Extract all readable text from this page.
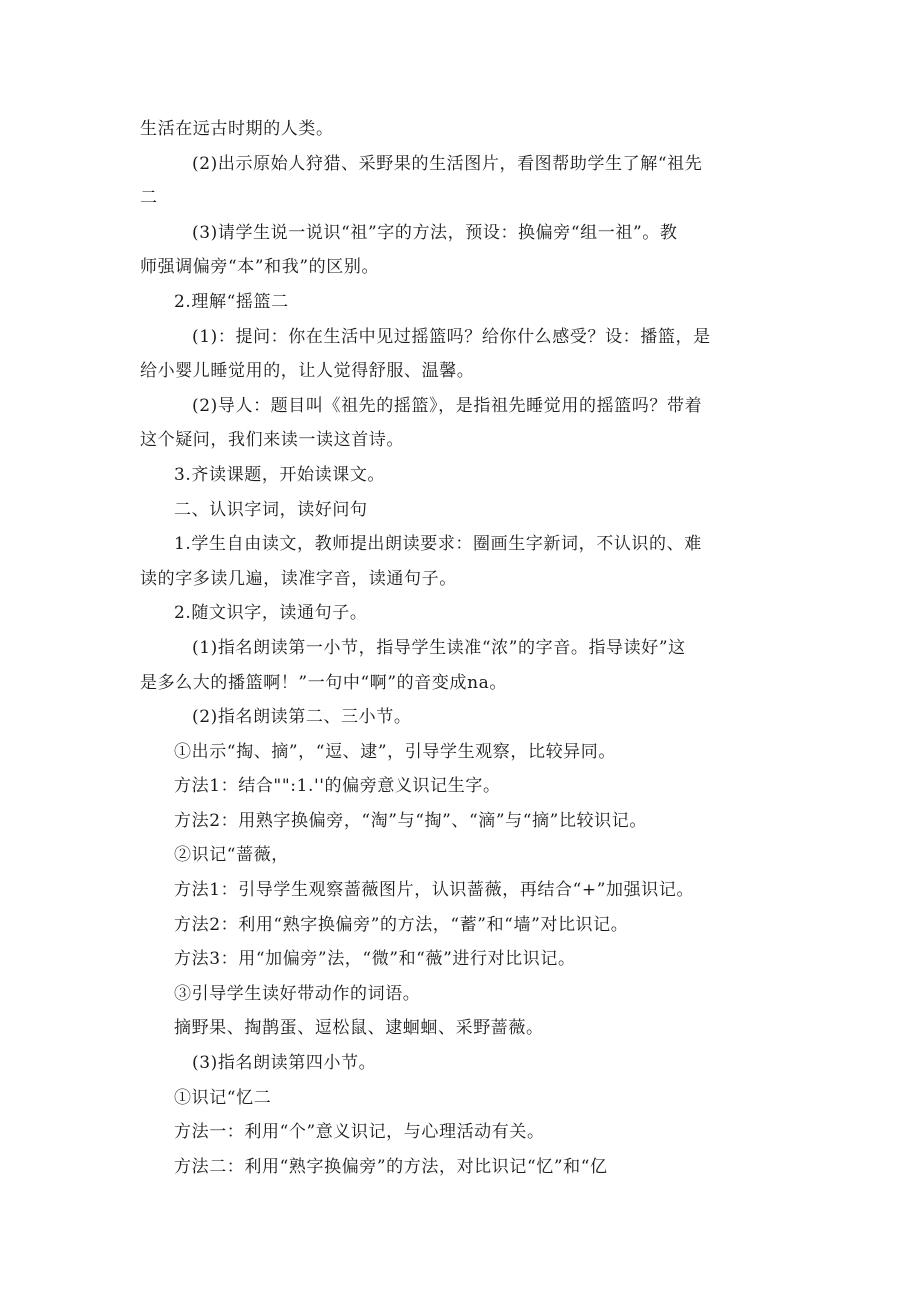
生活在远古时期的人类。
(2)出示原始人狩猎、采野果的生活图片，看图帮助学生了解“祖先
二
(3)请学生说一说识“祖”字的方法，预设：换偏旁“组一祖”。教
师强调偏旁“本”和我”的区别。
2.理解“摇篮二
(1)：提问：你在生活中见过摇篮吗？给你什么感受？设：播篮，是
给小婴儿睡觉用的，让人觉得舒服、温馨。
(2)导人：题目叫《祖先的摇篮》，是指祖先睡觉用的摇篮吗？带着
这个疑问，我们来读一读这首诗。
3.齐读课题，开始读课文。
二、认识字词，读好问句
1.学生自由读文，教师提出朗读要求：圈画生字新词，不认识的、难
读的字多读几遍，读准字音，读通句子。
2.随文识字，读通句子。
(1)指名朗读第一小节，指导学生读准“浓”的字音。指导读好”这
是多么大的播篮啊！”一句中“啊”的音变成na。
(2)指名朗读第二、三小节。
①出示“掏、摘”，“逗、逮”，引导学生观察，比较异同。
方法1：结合"":1.''的偏旁意义识记生字。
方法2：用熟字换偏旁，“淘”与“掏”、“滴”与“摘”比较识记。
②识记“蔷薇，
方法1：引导学生观察蔷薇图片，认识蔷薇，再结合“+”加强识记。
方法2：利用“熟字换偏旁”的方法，“蓄”和“墙”对比识记。
方法3：用“加偏旁”法，“微”和“薇”进行对比识记。
③引导学生读好带动作的词语。
摘野果、掏鹊蛋、逗松鼠、逮蛔蛔、采野蔷薇。
(3)指名朗读第四小节。
①识记“忆二
方法一：利用“个”意义识记，与心理活动有关。
方法二：利用“熟字换偏旁”的方法，对比识记“忆”和“亿
